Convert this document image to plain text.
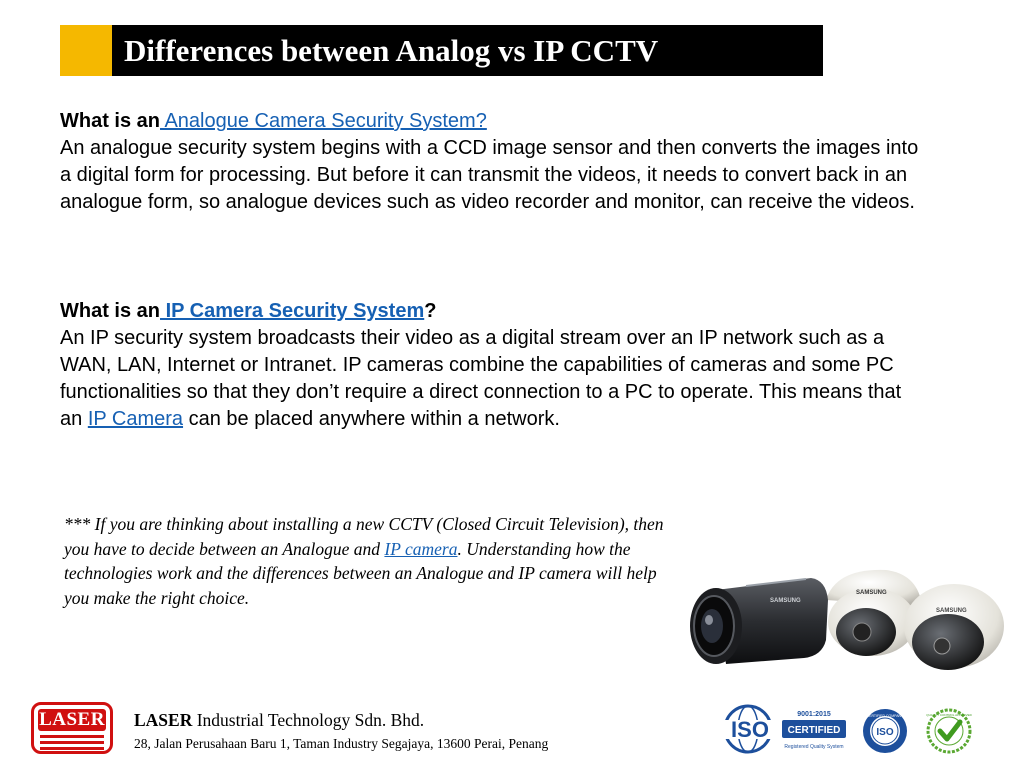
Differences between Analog vs IP CCTV
What is an Analogue Camera Security System?
An analogue security system begins with a CCD image sensor and then converts the images into a digital form for processing. But before it can transmit the videos, it needs to convert back in an analogue form, so analogue devices such as video recorder and monitor, can receive the videos.
What is an IP Camera Security System?
An IP security system broadcasts their video as a digital stream over an IP network such as a WAN, LAN, Internet or Intranet. IP cameras combine the capabilities of cameras and some PC functionalities so that they don’t require a direct connection to a PC to operate. This means that an IP Camera can be placed anywhere within a network.
*** If you are thinking about installing a new CCTV (Closed Circuit Television), then you have to decide between an Analogue and IP camera. Understanding how the technologies work and the differences between an Analogue and IP camera will help you make the right choice.	SAMSUNG
SAMSUNG
SAMSUNG
LASER LASER Industrial Technology Sdn. Bhd.
28, Jalan Perusahaan Baru 1, Taman Industry Segajaya, 13600 Perai, Penang
ISO
9001:2015
CERTIFIED
Registered Quality System
ISO
CERTIFIED COMPANY	QUALITY CONTROL APPROVED
